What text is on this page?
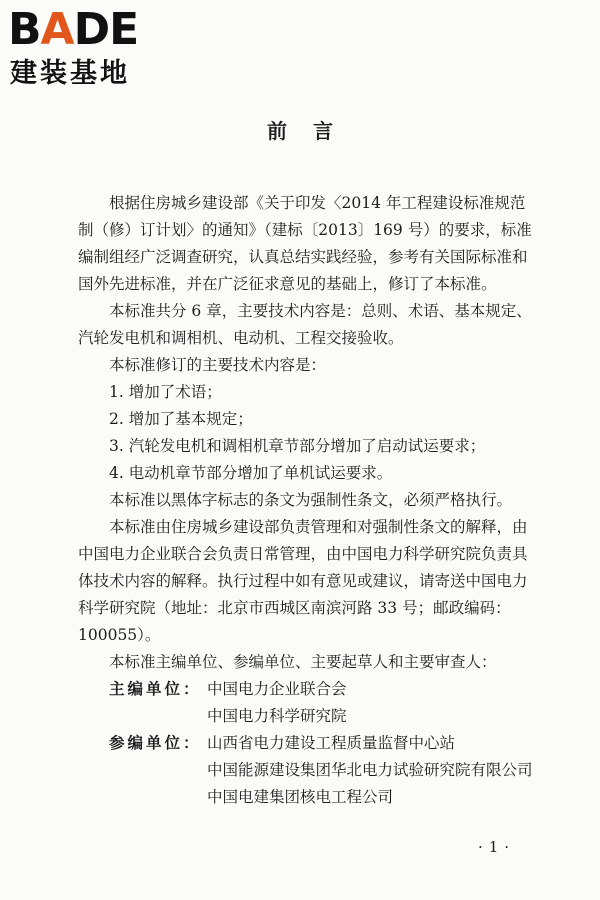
BADE
建装基地
前言

根据住房城乡建设部《关于印发〈2014 年工程建设标准规范制（修）订计划〉的通知》（建标〔2013〕169 号）的要求，标准编制组经广泛调查研究，认真总结实践经验，参考有关国际标准和国外先进标准，并在广泛征求意见的基础上，修订了本标准。

本标准共分 6 章，主要技术内容是：总则、术语、基本规定、汽轮发电机和调相机、电动机、工程交接验收。

本标准修订的主要技术内容是：

1. 增加了术语；

2. 增加了基本规定；

3. 汽轮发电机和调相机章节部分增加了启动试运要求；

4. 电动机章节部分增加了单机试运要求。

本标准以黑体字标志的条文为强制性条文，必须严格执行。

本标准由住房城乡建设部负责管理和对强制性条文的解释，由中国电力企业联合会负责日常管理，由中国电力科学研究院负责具体技术内容的解释。执行过程中如有意见或建议，请寄送中国电力科学研究院（地址：北京市西城区南滨河路 33 号；邮政编码：100055）。

本标准主编单位、参编单位、主要起草人和主要审查人：

主编单位： 中国电力企业联合会

中国电力科学研究院

参编单位： 山西省电力建设工程质量监督中心站

中国能源建设集团华北电力试验研究院有限公司

中国电建集团核电工程公司

·1·
